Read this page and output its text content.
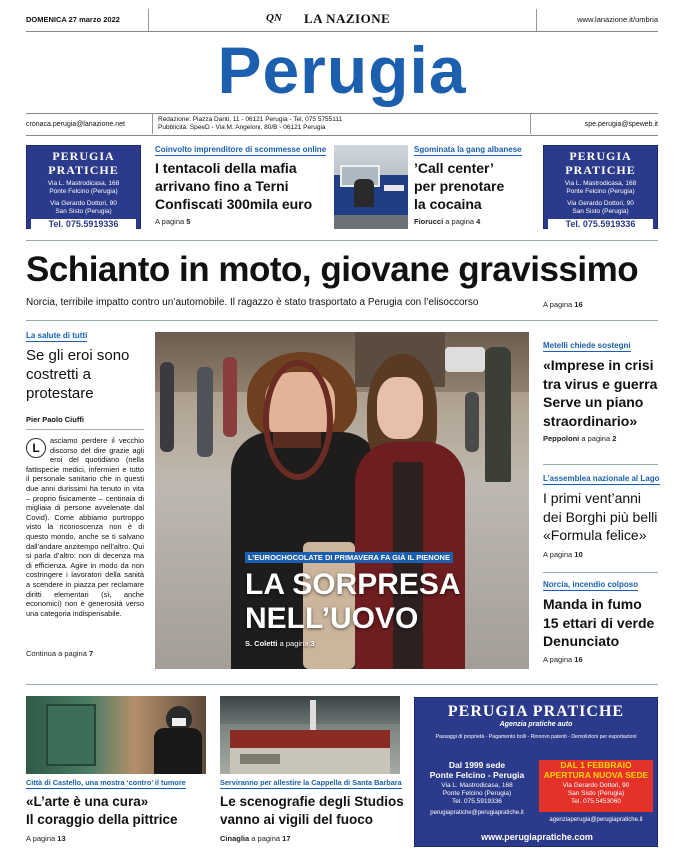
DOMENICA 27 marzo 2022	QN LA NAZIONE	www.lanazione.it/umbria
Perugia
cronaca.perugia@lanazione.net
Redazione: Piazza Danti, 11 - 06121 Perugia - Tel. 075 5755111
Pubblicità: SpeeD - Via M. Angeloni, 80/B - 06121 Perugia	spe.perugia@speweb.it
PERUGIA
PRATICHE
Via L. Mastrodicasa, 168
Ponte Felcino (Perugia)
Via Gerardo Dottori, 90
San Sisto (Perugia)
Tel. 075.5919336
PERUGIA
PRATICHE
Via L. Mastrodicasa, 168
Ponte Felcino (Perugia)
Via Gerardo Dottori, 90
San Sisto (Perugia)
Tel. 075.5919336
Coinvolto imprenditore di scommesse online
I tentacoli della mafia
arrivano fino a Terni
Confiscati 300mila euro
A pagina 5
Sgominata la gang albanese
’Call center’
per prenotare
la cocaina
Fiorucci a pagina 4
Schianto in moto, giovane gravissimo
Norcia, terribile impatto contro un’automobile. Il ragazzo è stato trasportato a Perugia con l’elisoccorso	A pagina 16
La salute di tutti
Se gli eroi sono costretti a protestare
Pier Paolo Ciuffi
L
asciamo perdere il vecchio discorso del dire grazie agli eroi del quotidiano (nella fattispecie medici, infermieri e tutto il personale sanitario che in questi due anni durissimi ha tenuto in vita – proprio fisicamente – centinaia di migliaia di persone avvelenate dal Covid). Come abbiamo purtroppo visto la riconoscenza non è di questo mondo, anche se ti salvano dall’andare anzitempo nell’altro. Qui si parla d’altro: non di decenza ma di efficienza. Agire in modo da non costringere i lavoratori della sanità a scendere in piazza per reclamare diritti elementari (sì, anche economici) non è generosità verso una categoria indispensabile.
Continua a pagina 7
L’EUROCHOCOLATE DI PRIMAVERA FA GIÀ IL PIENONE
LA SORPRESA
NELL’UOVO
S. Coletti a pagina 3
Metelli chiede sostegni
«Imprese in crisi tra virus e guerra Serve un piano straordinario»
Peppoloni a pagina 2
L’assemblea nazionale al Lago
I primi vent’anni dei Borghi più belli «Formula felice»
A pagina 10
Norcia, incendio colposo
Manda in fumo 15 ettari di verde Denunciato
A pagina 16
Città di Castello, una mostra ‘contro’ il tumore
«L’arte è una cura»
Il coraggio della pittrice
A pagina 13
Serviranno per allestire la Cappella di Santa Barbara
Le scenografie degli Studios
vanno ai vigili del fuoco
Cinaglia a pagina 17
PERUGIA PRATICHE
Agenzia pratiche auto
Passaggi di proprietà - Pagamento bolli - Rinnovo patenti - Demolizioni per esportazioni
Dal 1999 sede
Ponte Felcino - Perugia
Via L. Mastrodicasa, 168
Ponte Felcino (Perugia)
Tel. 075.5919336
perugiapratiche@perugiapratiche.it
DAL 1 FEBBRAIO
APERTURA NUOVA SEDE
Via Gerardo Dottori, 90
San Sisto (Perugia)
Tel. 075.5453060
agenziaperugia@perugiapratiche.it
www.perugiapratiche.com
